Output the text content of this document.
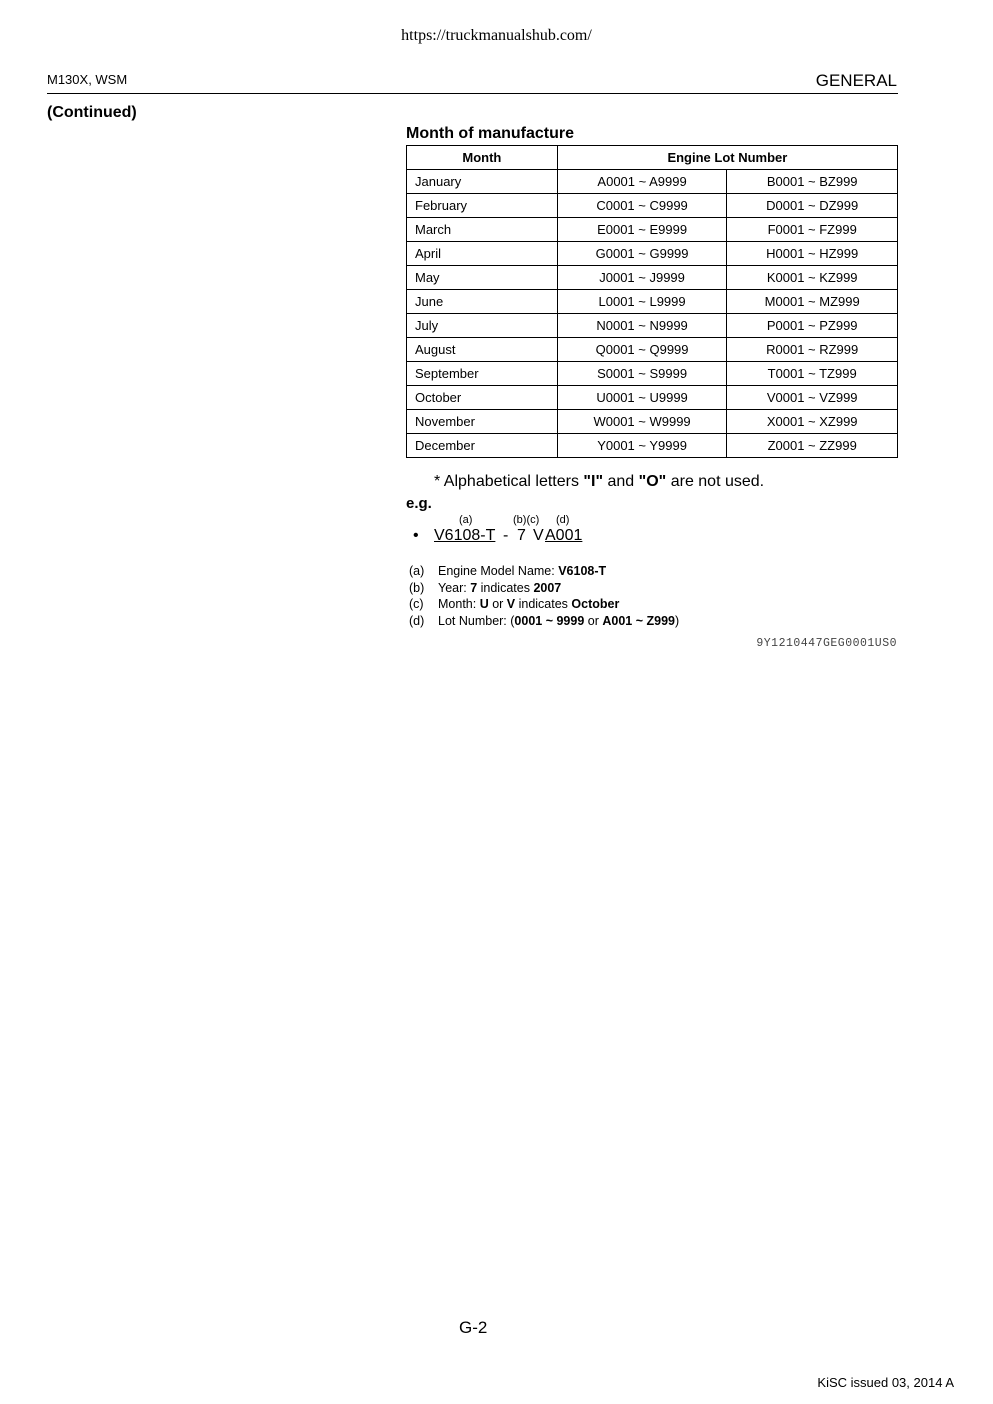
https://truckmanualshub.com/
M130X, WSM	GENERAL
(Continued)
Month of manufacture
Month	Engine Lot Number	
January	A0001 ~ A9999	B0001 ~ BZ999
February	C0001 ~ C9999	D0001 ~ DZ999
March	E0001 ~ E9999	F0001 ~ FZ999
April	G0001 ~ G9999	H0001 ~ HZ999
May	J0001 ~ J9999	K0001 ~ KZ999
June	L0001 ~ L9999	M0001 ~ MZ999
July	N0001 ~ N9999	P0001 ~ PZ999
August	Q0001 ~ Q9999	R0001 ~ RZ999
September	S0001 ~ S9999	T0001 ~ TZ999
October	U0001 ~ U9999	V0001 ~ VZ999
November	W0001 ~ W9999	X0001 ~ XZ999
December	Y0001 ~ Y9999	Z0001 ~ ZZ999
* Alphabetical letters "I" and "O" are not used.
e.g.
(a)	(b)(c) (d)
• V6108-T - 7 V A001
(a) Engine Model Name: V6108-T
(b) Year: 7 indicates 2007
(c) Month: U or V indicates October
(d) Lot Number: (0001 ~ 9999 or A001 ~ Z999)
9Y1210447GEG0001US0
G-2
KiSC issued 03, 2014 A
